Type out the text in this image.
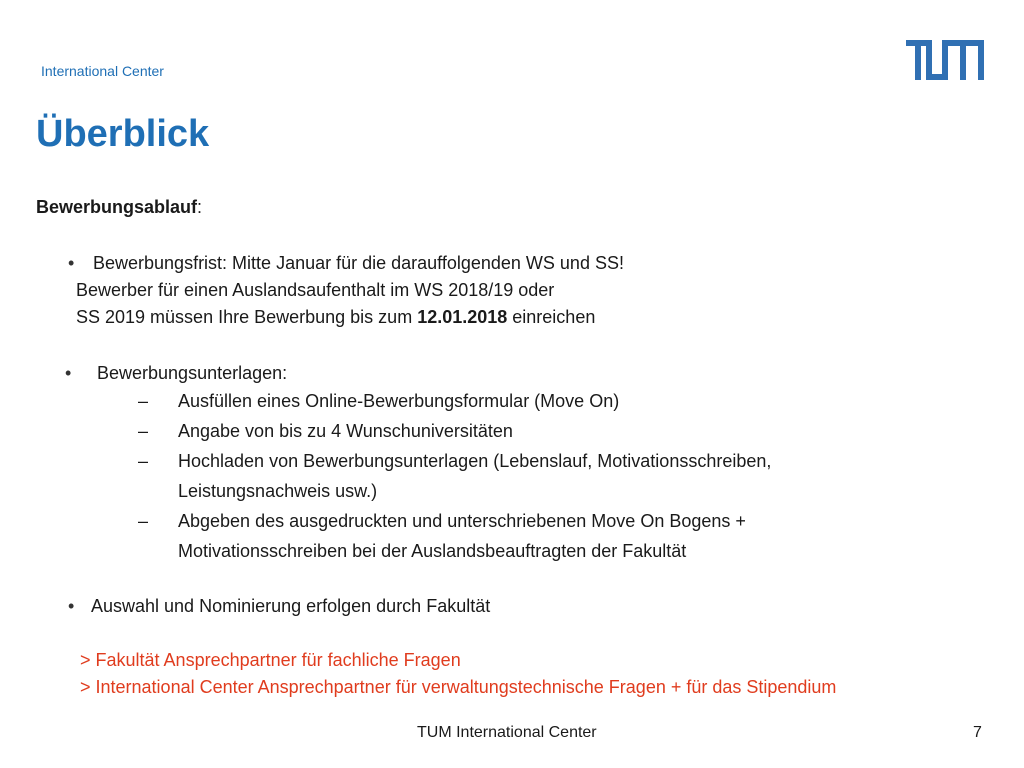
International Center
Überblick
Bewerbungsablauf:
• Bewerbungsfrist: Mitte Januar für die darauffolgenden WS und SS!
Bewerber für einen Auslandsaufenthalt im WS 2018/19 oder
SS 2019 müssen Ihre Bewerbung bis zum 12.01.2018 einreichen
• Bewerbungsunterlagen:
– Ausfüllen eines Online-Bewerbungsformular (Move On)
– Angabe von bis zu 4 Wunschuniversitäten
– Hochladen von Bewerbungsunterlagen (Lebenslauf, Motivationsschreiben,
Leistungsnachweis usw.)
– Abgeben des ausgedruckten und unterschriebenen Move On Bogens +
Motivationsschreiben bei der Auslandsbeauftragten der Fakultät
• Auswahl und Nominierung erfolgen durch Fakultät
> Fakultät Ansprechpartner für fachliche Fragen
> International Center Ansprechpartner für verwaltungstechnische Fragen + für das Stipendium
TUM International Center	7
